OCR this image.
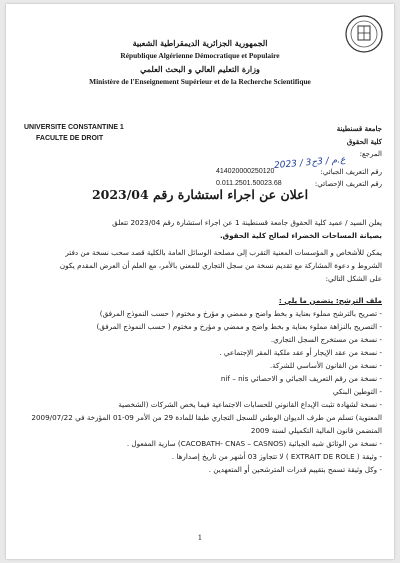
الجمهورية الجزائرية الديمقراطية الشعبية
République Algérienne Démocratique et Populaire
وزارة التعليم العالي و البحث العلمي
Ministère de l'Enseignement Supérieur et de la Recherche Scientifique
UNIVERSITE CONSTANTINE 1
FACULTE DE DROIT
جامعة قسنطينة
كلية الحقوق
المرجع:
2023 / ع.م / 3ح3
رقم التعريف الجبائي:
414020000250120
رقم التعريف الإحصائي:
0.011.2501.50023.68
اعلان عن اجراء استشارة رقم 2023/04
يعلن السيد / عميد كلية الحقوق جامعة قسنطينة 1 عن اجراء استشارة رقم 2023/04 تتعلق
بصيانة المساحات الخضراء لصالح كلية الحقوق.
يمكن للأشخاص و المؤسسات المعنية التقرب إلى مصلحة الوسائل العامة بالكلية قصد سحب نسخة من دفتر
الشروط و دعوة المشاركة مع تقديم نسخة من سجل التجاري للمعني بالأمر، مع العلم أن العرض المقدم يكون
على الشكل التالي:
ملف الترشح: يتضمن ما يلي :
- تصريح بالترشح مملوء بعناية و بخط واضح و ممضي و مؤرخ و مختوم ( حسب النموذج المرفق)
- التصريح بالنزاهة مملوء بعناية و بخط واضح و ممضي و مؤرخ و مختوم ( حسب النموذج المرفق)
- نسخة من مستخرج السجل التجاري.
- نسخة من عقد الإيجار أو عقد ملكية المقر الإجتماعي .
- نسخة من القانون الأساسي للشركة.
- نسخة من رقم التعريف الجبائي و الاحصائي nif – nis
- التوطين البنكي
- نسخة لشهادة تثبت الإيداع القانوني للحسابات الاجتماعية فيما يخص الشركات (الشخصية
المعنوية) تسلم من طرف الديوان الوطني للسجل التجاري طبقا للمادة 29 من الأمر 09-01 المؤرخة في 2009/07/22
المتضمن قانون المالية التكميلي لسنة 2009
- نسخة من الوثائق شبه الجبائية (CACOBATH- CNAS – CASNOS) سارية المفعول .
- وثيقة ( EXTRAIT DE ROLE ) لا تتجاوز 03 أشهر من تاريخ إصدارها .
- وكل وثيقة تسمح بتقييم قدرات المترشحين أو المتعهدين .
1
